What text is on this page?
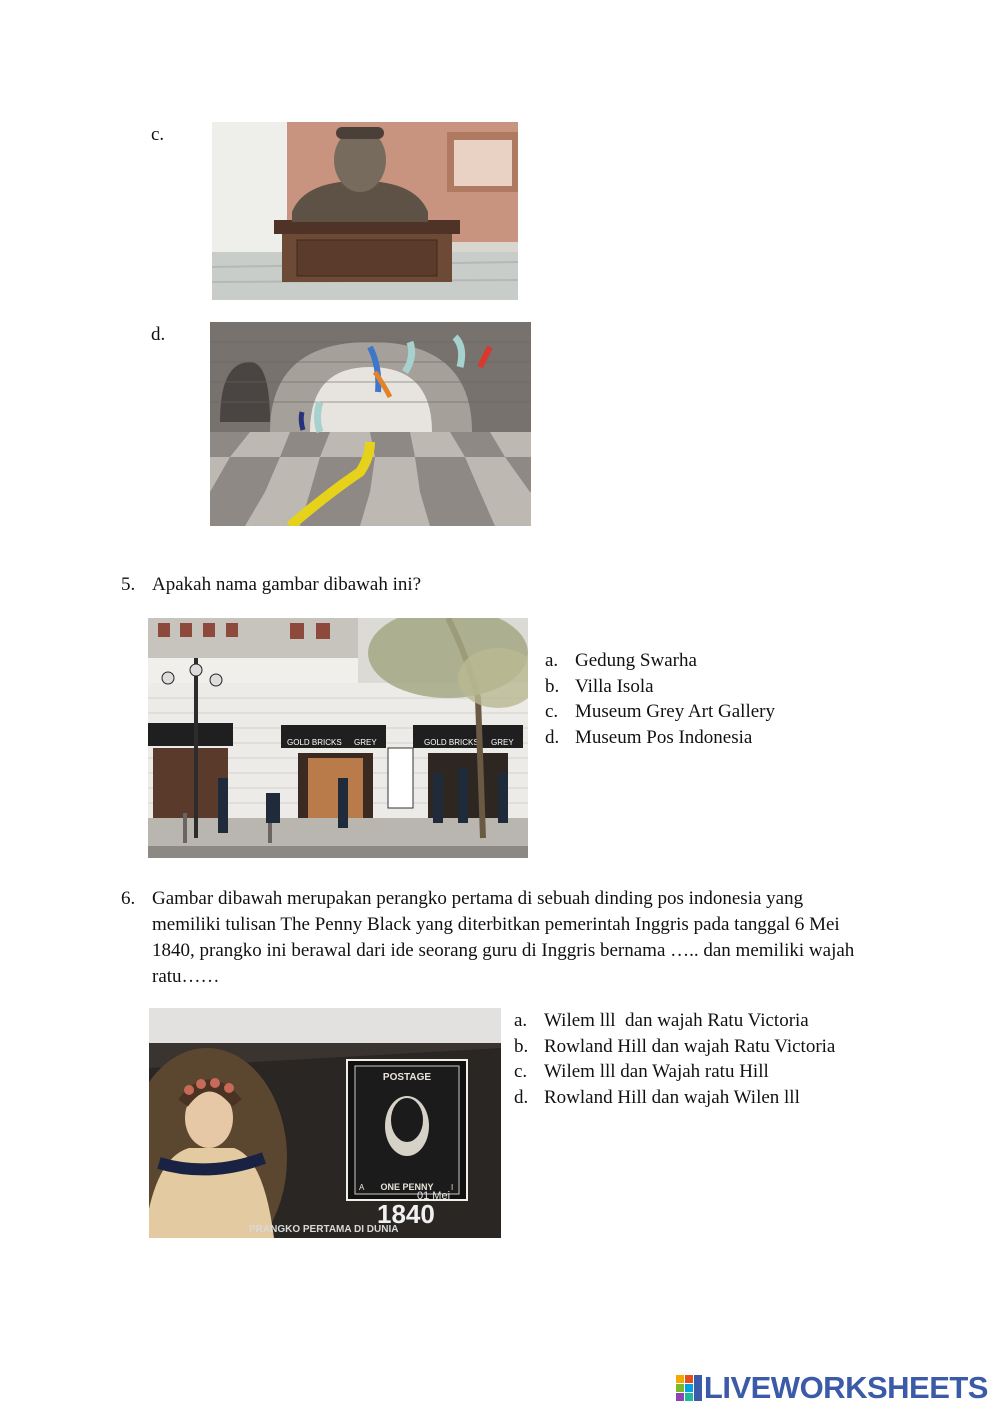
c.
d.
5. Apakah nama gambar dibawah ini?
GOLD BRICKS GREY	GOLD BRICKS GREY
a. Gedung Swarha
b. Villa Isola
c. Museum Grey Art Gallery
d. Museum Pos Indonesia
6. Gambar dibawah merupakan perangko pertama di sebuah dinding pos indonesia yang memiliki tulisan The Penny Black yang diterbitkan pemerintah Inggris pada tanggal 6 Mei 1840, prangko ini berawal dari ide seorang guru di Inggris bernama ….. dan memiliki wajah ratu……
POSTAGE
ONE PENNY
A	I
01 Mei
1840
PRANGKO PERTAMA DI DUNIA
a. Wilem lll  dan wajah Ratu Victoria
b. Rowland Hill dan wajah Ratu Victoria
c. Wilem lll dan Wajah ratu Hill
d. Rowland Hill dan wajah Wilen lll
LIVEWORKSHEETS
